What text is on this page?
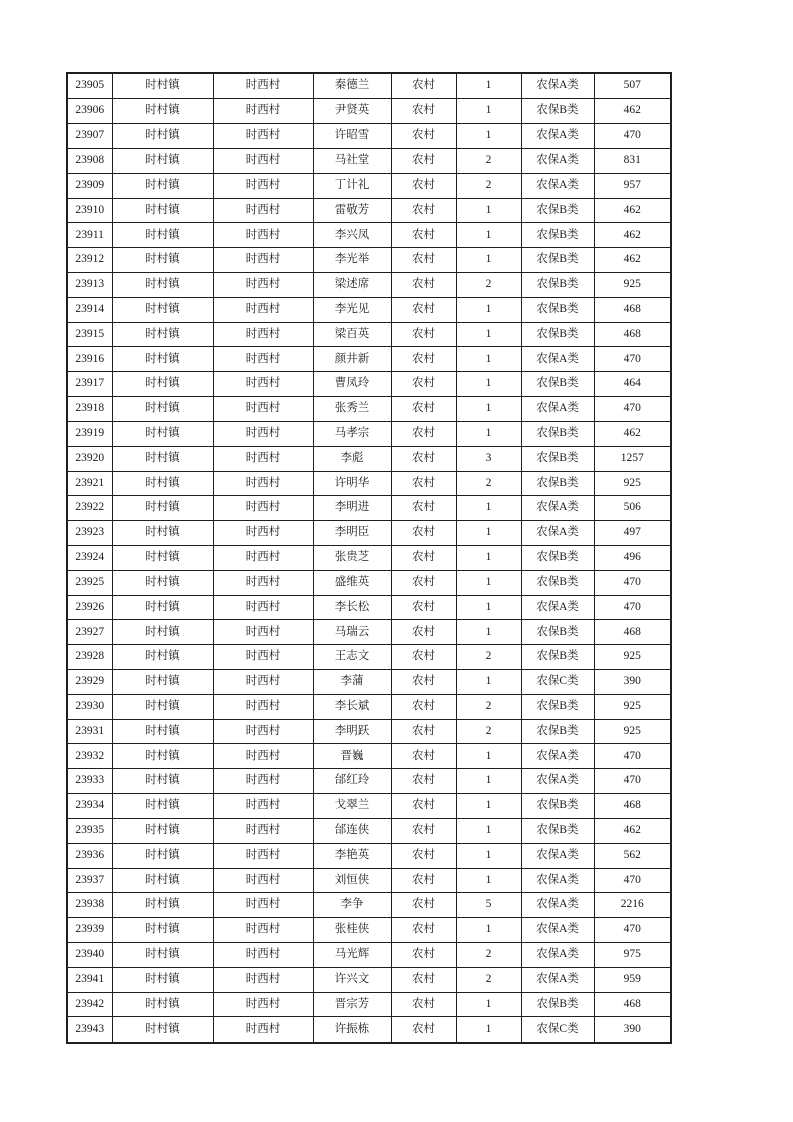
23905	时村镇	时西村	秦德兰	农村	1	农保A类	507
23906	时村镇	时西村	尹贤英	农村	1	农保B类	462
23907	时村镇	时西村	许昭雪	农村	1	农保A类	470
23908	时村镇	时西村	马社堂	农村	2	农保A类	831
23909	时村镇	时西村	丁计礼	农村	2	农保A类	957
23910	时村镇	时西村	雷敬芳	农村	1	农保B类	462
23911	时村镇	时西村	李兴凤	农村	1	农保B类	462
23912	时村镇	时西村	李光举	农村	1	农保B类	462
23913	时村镇	时西村	梁述席	农村	2	农保B类	925
23914	时村镇	时西村	李光见	农村	1	农保B类	468
23915	时村镇	时西村	梁百英	农村	1	农保B类	468
23916	时村镇	时西村	颜井新	农村	1	农保A类	470
23917	时村镇	时西村	曹凤玲	农村	1	农保B类	464
23918	时村镇	时西村	张秀兰	农村	1	农保A类	470
23919	时村镇	时西村	马孝宗	农村	1	农保B类	462
23920	时村镇	时西村	李彪	农村	3	农保B类	1257
23921	时村镇	时西村	许明华	农村	2	农保B类	925
23922	时村镇	时西村	李明进	农村	1	农保A类	506
23923	时村镇	时西村	李明臣	农村	1	农保A类	497
23924	时村镇	时西村	张贵芝	农村	1	农保B类	496
23925	时村镇	时西村	盛维英	农村	1	农保B类	470
23926	时村镇	时西村	李长松	农村	1	农保A类	470
23927	时村镇	时西村	马瑞云	农村	1	农保B类	468
23928	时村镇	时西村	王志文	农村	2	农保B类	925
23929	时村镇	时西村	李蒲	农村	1	农保C类	390
23930	时村镇	时西村	李长斌	农村	2	农保B类	925
23931	时村镇	时西村	李明跃	农村	2	农保B类	925
23932	时村镇	时西村	晋巍	农村	1	农保A类	470
23933	时村镇	时西村	邰红玲	农村	1	农保A类	470
23934	时村镇	时西村	戈翠兰	农村	1	农保B类	468
23935	时村镇	时西村	邰连侠	农村	1	农保B类	462
23936	时村镇	时西村	李艳英	农村	1	农保A类	562
23937	时村镇	时西村	刘恒侠	农村	1	农保A类	470
23938	时村镇	时西村	李争	农村	5	农保A类	2216
23939	时村镇	时西村	张桂侠	农村	1	农保A类	470
23940	时村镇	时西村	马光辉	农村	2	农保A类	975
23941	时村镇	时西村	许兴文	农村	2	农保A类	959
23942	时村镇	时西村	晋宗芳	农村	1	农保B类	468
23943	时村镇	时西村	许振栋	农村	1	农保C类	390
